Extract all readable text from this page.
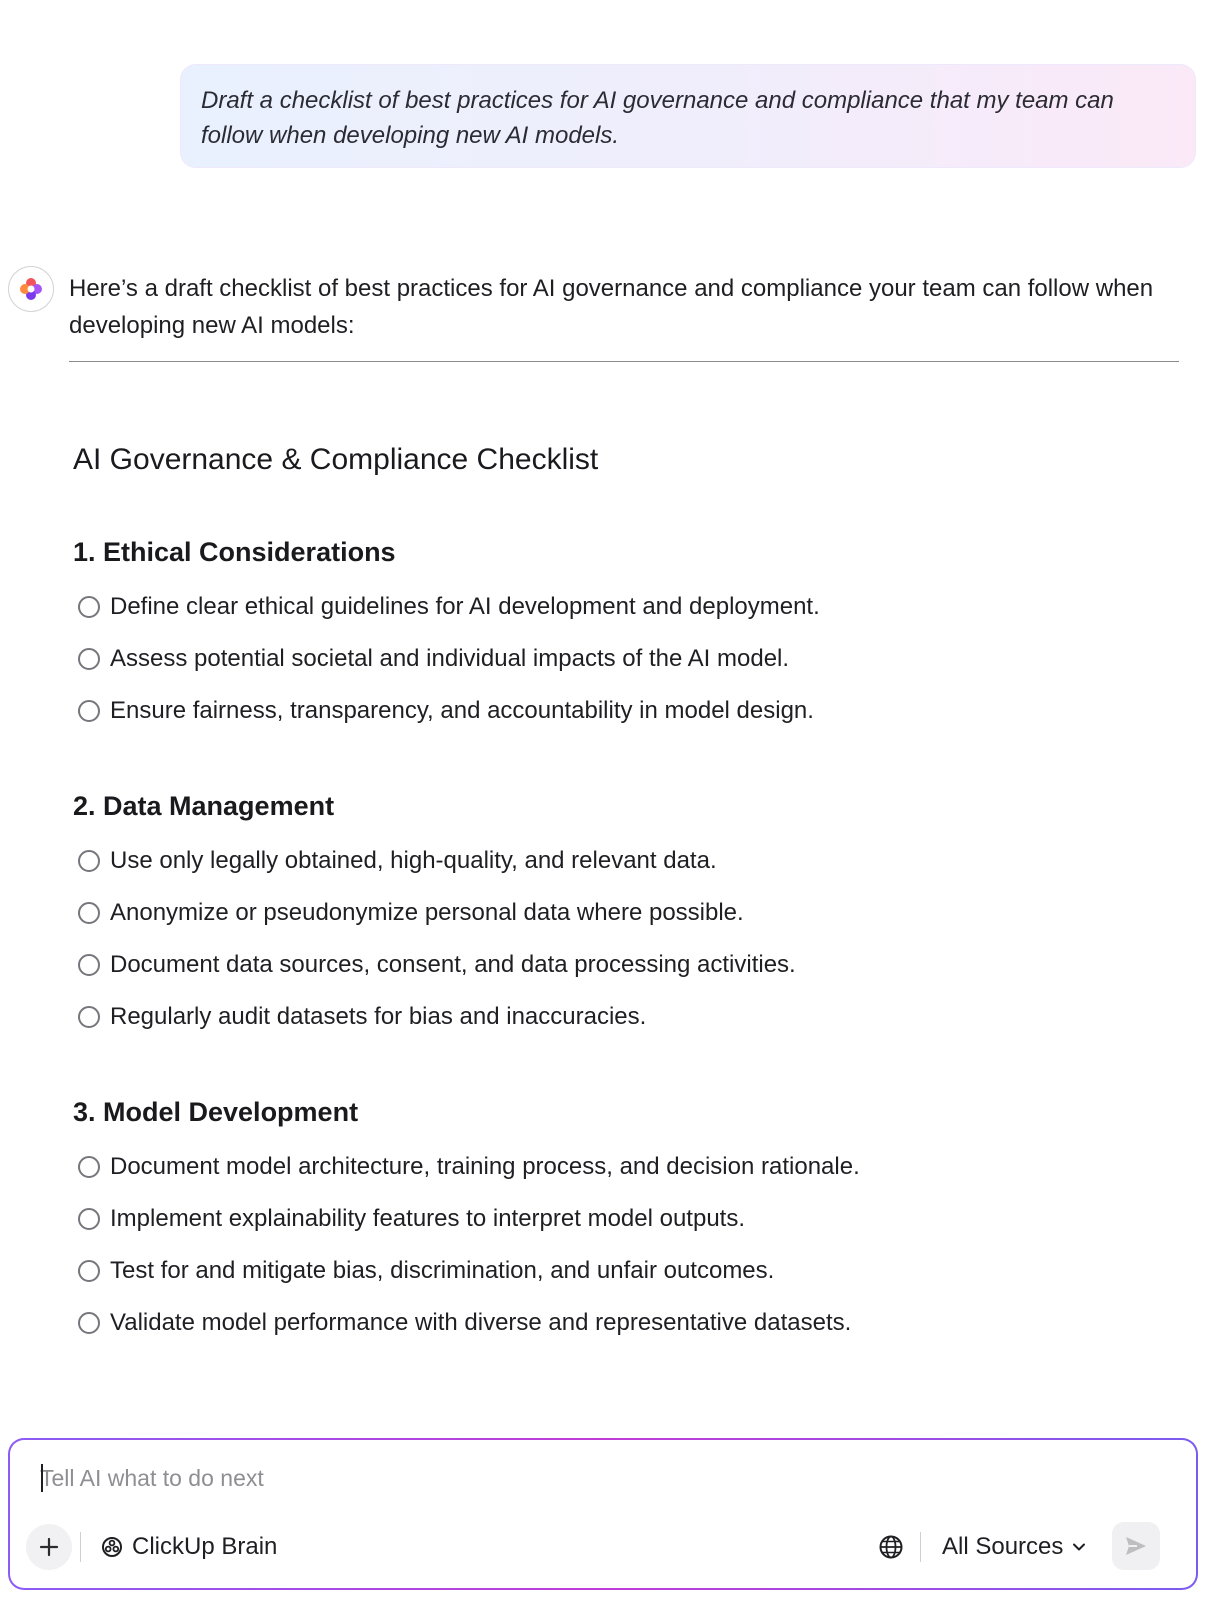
Draft a checklist of best practices for AI governance and compliance that my team can follow when developing new AI models.

Here’s a draft checklist of best practices for AI governance and compliance your team can follow when developing new AI models:

AI Governance & Compliance Checklist
1. Ethical Considerations
Define clear ethical guidelines for AI development and deployment.
Assess potential societal and individual impacts of the AI model.
Ensure fairness, transparency, and accountability in model design.
2. Data Management
Use only legally obtained, high-quality, and relevant data.
Anonymize or pseudonymize personal data where possible.
Document data sources, consent, and data processing activities.
Regularly audit datasets for bias and inaccuracies.
3. Model Development
Document model architecture, training process, and decision rationale.
Implement explainability features to interpret model outputs.
Test for and mitigate bias, discrimination, and unfair outcomes.
Validate model performance with diverse and representative datasets.
Tell AI what to do next
ClickUp Brain	All Sources
